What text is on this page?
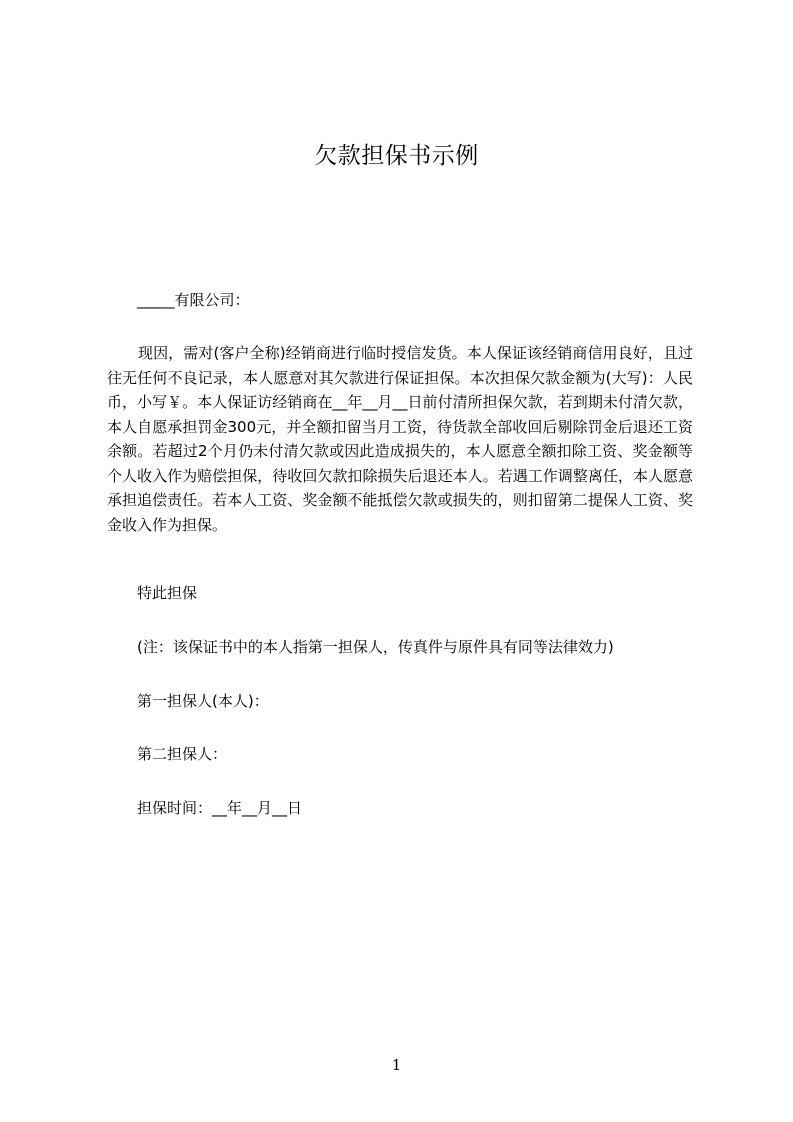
欠款担保书示例
_____有限公司：
现因，需对(客户全称)经销商进行临时授信发货。本人保证该经销商信用良好，且过往无任何不良记录，本人愿意对其欠款进行保证担保。本次担保欠款金额为(大写)：人民币，小写￥。本人保证访经销商在__年__月__日前付清所担保欠款，若到期未付清欠款，本人自愿承担罚金300元，并全额扣留当月工资，待货款全部收回后剔除罚金后退还工资余额。若超过2个月仍未付清欠款或因此造成损失的，本人愿意全额扣除工资、奖金额等个人收入作为赔偿担保，待收回欠款扣除损失后退还本人。若遇工作调整离任，本人愿意承担追偿责任。若本人工资、奖金额不能抵偿欠款或损失的，则扣留第二提保人工资、奖金收入作为担保。
特此担保
(注：该保证书中的本人指第一担保人，传真件与原件具有同等法律效力)
第一担保人(本人)：
第二担保人：
担保时间：__年__月__日
1
